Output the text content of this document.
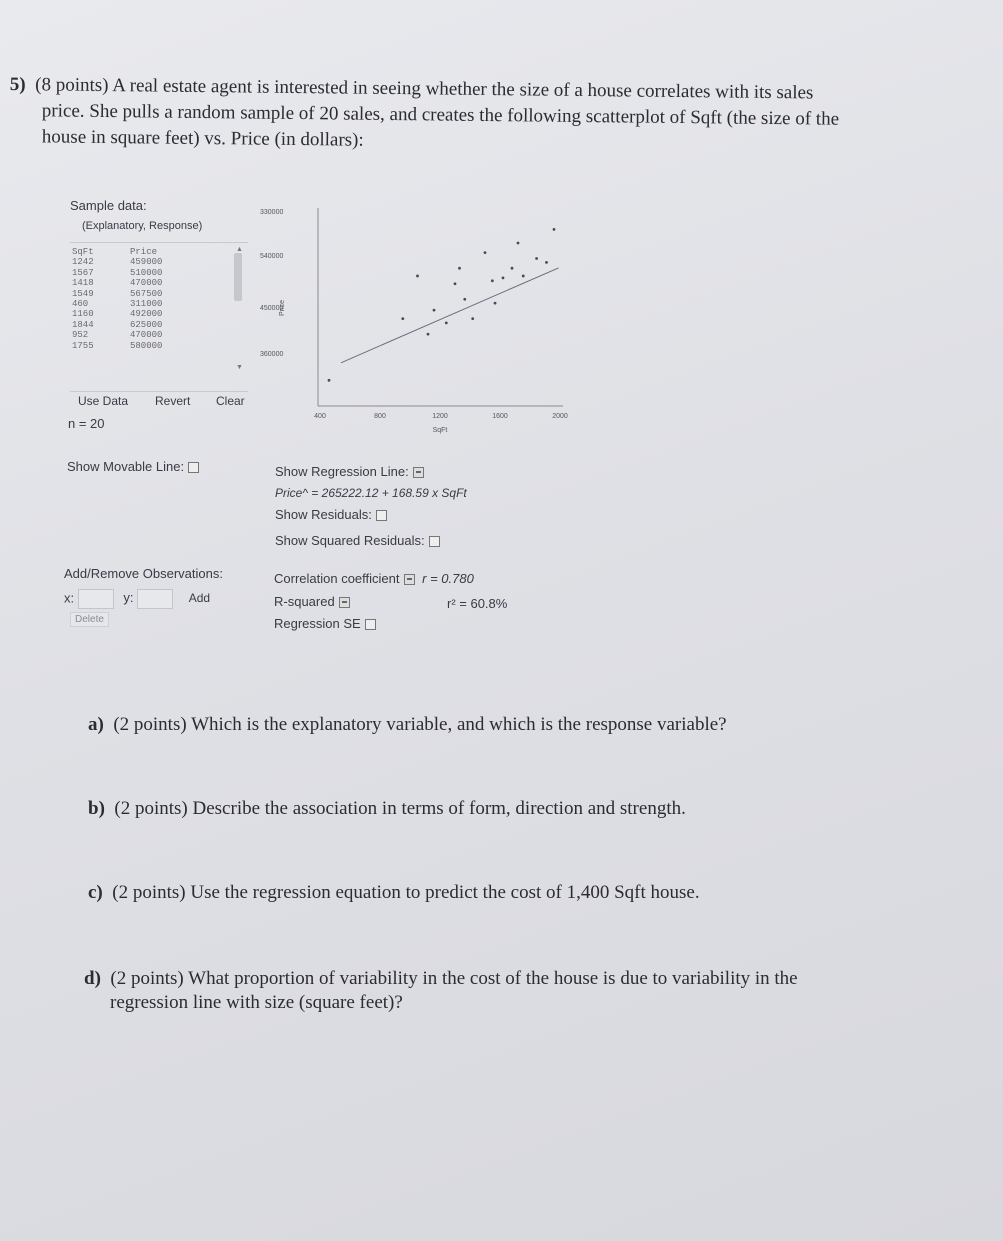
5) (8 points) A real estate agent is interested in seeing whether the size of a house correlates with its sales
price. She pulls a random sample of 20 sales, and creates the following scatterplot of Sqft (the size of the
house in square feet) vs. Price (in dollars):
Sample data:
(Explanatory, Response)
SqFt	Price
1242	459000
1567	510000
1418	470000
1549	567500
460	311000
1160	492000
1844	625000
952	470000
1755	580000
▲
▼
Use Data Revert Clear
n = 20	400	800	1200	1600	2000
330000
540000
450000
360000
SqFt
Price
Show Movable Line:	Show Regression Line:
Price^ = 265222.12 + 168.59 x SqFt
Show Residuals:
Show Squared Residuals:
Add/Remove Observations:
x:	y:	Add
Delete
Correlation coefficient r = 0.780
R-squared	r² = 60.8%
Regression SE
a) (2 points) Which is the explanatory variable, and which is the response variable?
b) (2 points) Describe the association in terms of form, direction and strength.
c) (2 points) Use the regression equation to predict the cost of 1,400 Sqft house.
d) (2 points) What proportion of variability in the cost of the house is due to variability in the
regression line with size (square feet)?
